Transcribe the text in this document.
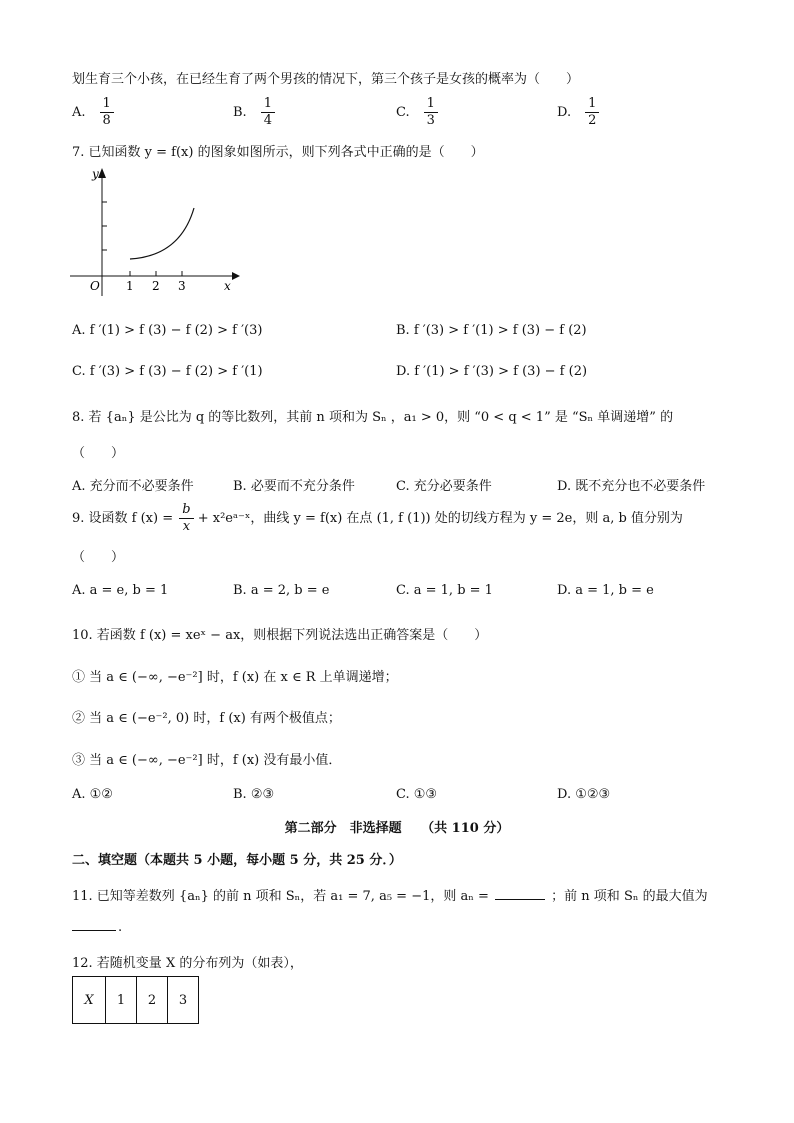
划生育三个小孩，在已经生育了两个男孩的情况下，第三个孩子是女孩的概率为（　　）
A. $\frac{1}{8}$	B. $\frac{1}{4}$	C. $\frac{1}{3}$	D. $\frac{1}{2}$
7. 已知函数 y = f(x) 的图象如图所示，则下列各式中正确的是（　　）
y
x
O 1 2 3
A. f ′(1) > f (3) − f (2) > f ′(3)	B. f ′(3) > f ′(1) > f (3) − f (2)
C. f ′(3) > f (3) − f (2) > f ′(1)	D. f ′(1) > f ′(3) > f (3) − f (2)
8. 若 {aₙ} 是公比为 q 的等比数列，其前 n 项和为 Sₙ ，a₁ > 0，则 “0 < q < 1” 是 “Sₙ 单调递增” 的
（　　）
A. 充分而不必要条件	B. 必要而不充分条件	C. 充分必要条件	D. 既不充分也不必要条件
9. 设函数 f $(x) = \frac{b}{x}$ + x²eᵃ⁻ˣ，曲线 y = f(x) 在点 (1, f (1)) 处的切线方程为 y = 2e，则 a, b 值分别为
（　　）
A. a = e, b = 1	B. a = 2, b = e	C. a = 1, b = 1	D. a = 1, b = e
10. 若函数 f (x) = xeˣ − ax，则根据下列说法选出正确答案是（　　）
① 当 a ∈ (−∞, −e⁻²] 时，f (x) 在 x ∈ R 上单调递增；
② 当 a ∈ (−e⁻², 0) 时，f (x) 有两个极值点；
③ 当 a ∈ (−∞, −e⁻²] 时，f (x) 没有最小值．
A. ①②	B. ②③	C. ①③	D. ①②③
第二部分　非选择题　　（共 110 分）
二、填空题（本题共 5 小题，每小题 5 分，共 25 分．）
11. 已知等差数列 {aₙ} 的前 n 项和 Sₙ，若 a₁ = 7, a₅ = −1，则 aₙ =	；前 n 项和 Sₙ 的最大值为
.
12. 若随机变量 X 的分布列为（如表），
X	1	2	3
